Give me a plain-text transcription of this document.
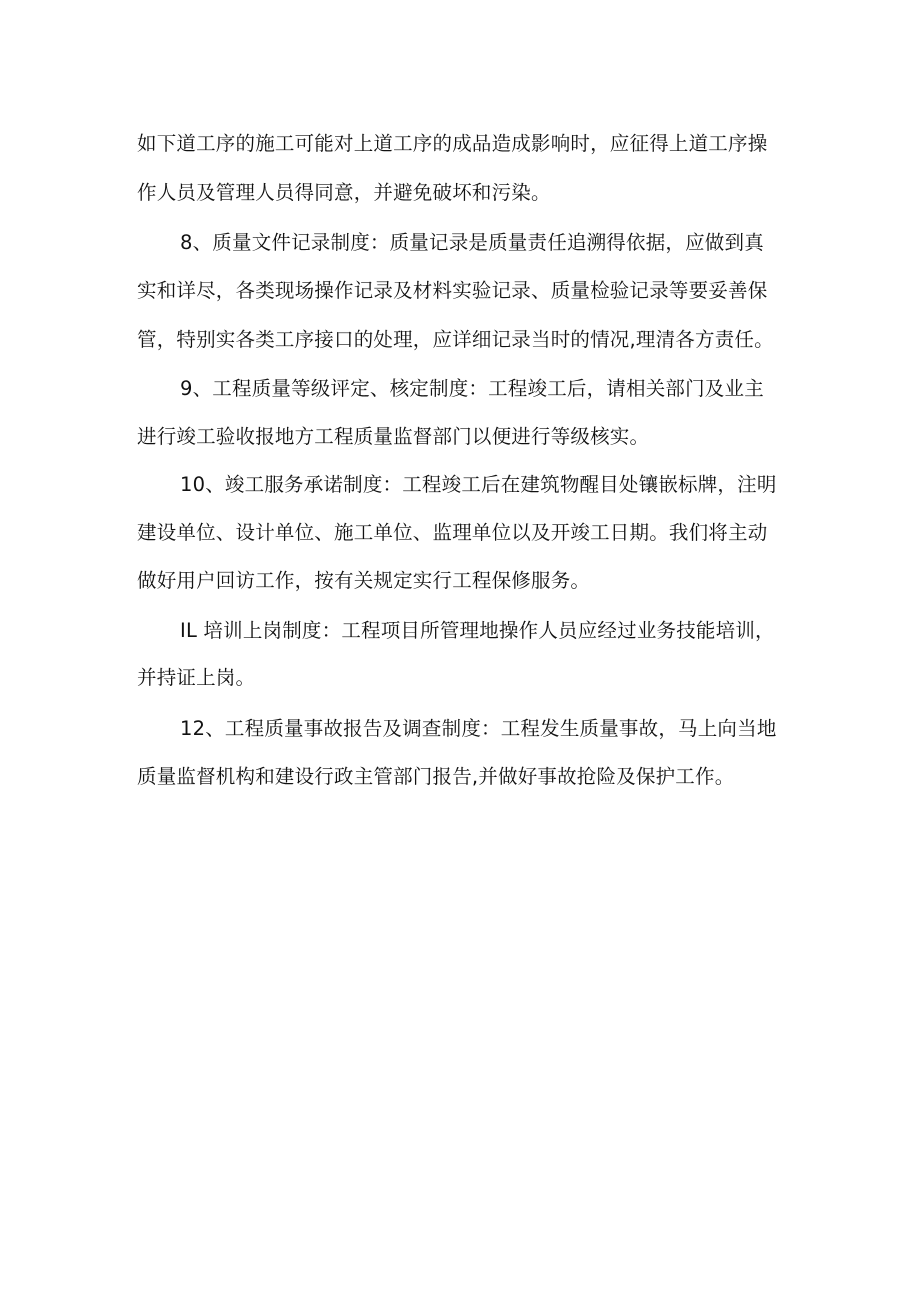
如下道工序的施工可能对上道工序的成品造成影响时，应征得上道工序操
作人员及管理人员得同意，并避免破坏和污染。
8、质量文件记录制度：质量记录是质量责任追溯得依据，应做到真
实和详尽，各类现场操作记录及材料实验记录、质量检验记录等要妥善保
管，特别实各类工序接口的处理，应详细记录当时的情况,理清各方责任。
9、工程质量等级评定、核定制度：工程竣工后，请相关部门及业主
进行竣工验收报地方工程质量监督部门以便进行等级核实。
10、竣工服务承诺制度：工程竣工后在建筑物醒目处镶嵌标牌，注明
建设单位、设计单位、施工单位、监理单位以及开竣工日期。我们将主动
做好用户回访工作，按有关规定实行工程保修服务。
IL 培训上岗制度：工程项目所管理地操作人员应经过业务技能培训，
并持证上岗。
12、工程质量事故报告及调查制度：工程发生质量事故，马上向当地
质量监督机构和建设行政主管部门报告,并做好事故抢险及保护工作。
